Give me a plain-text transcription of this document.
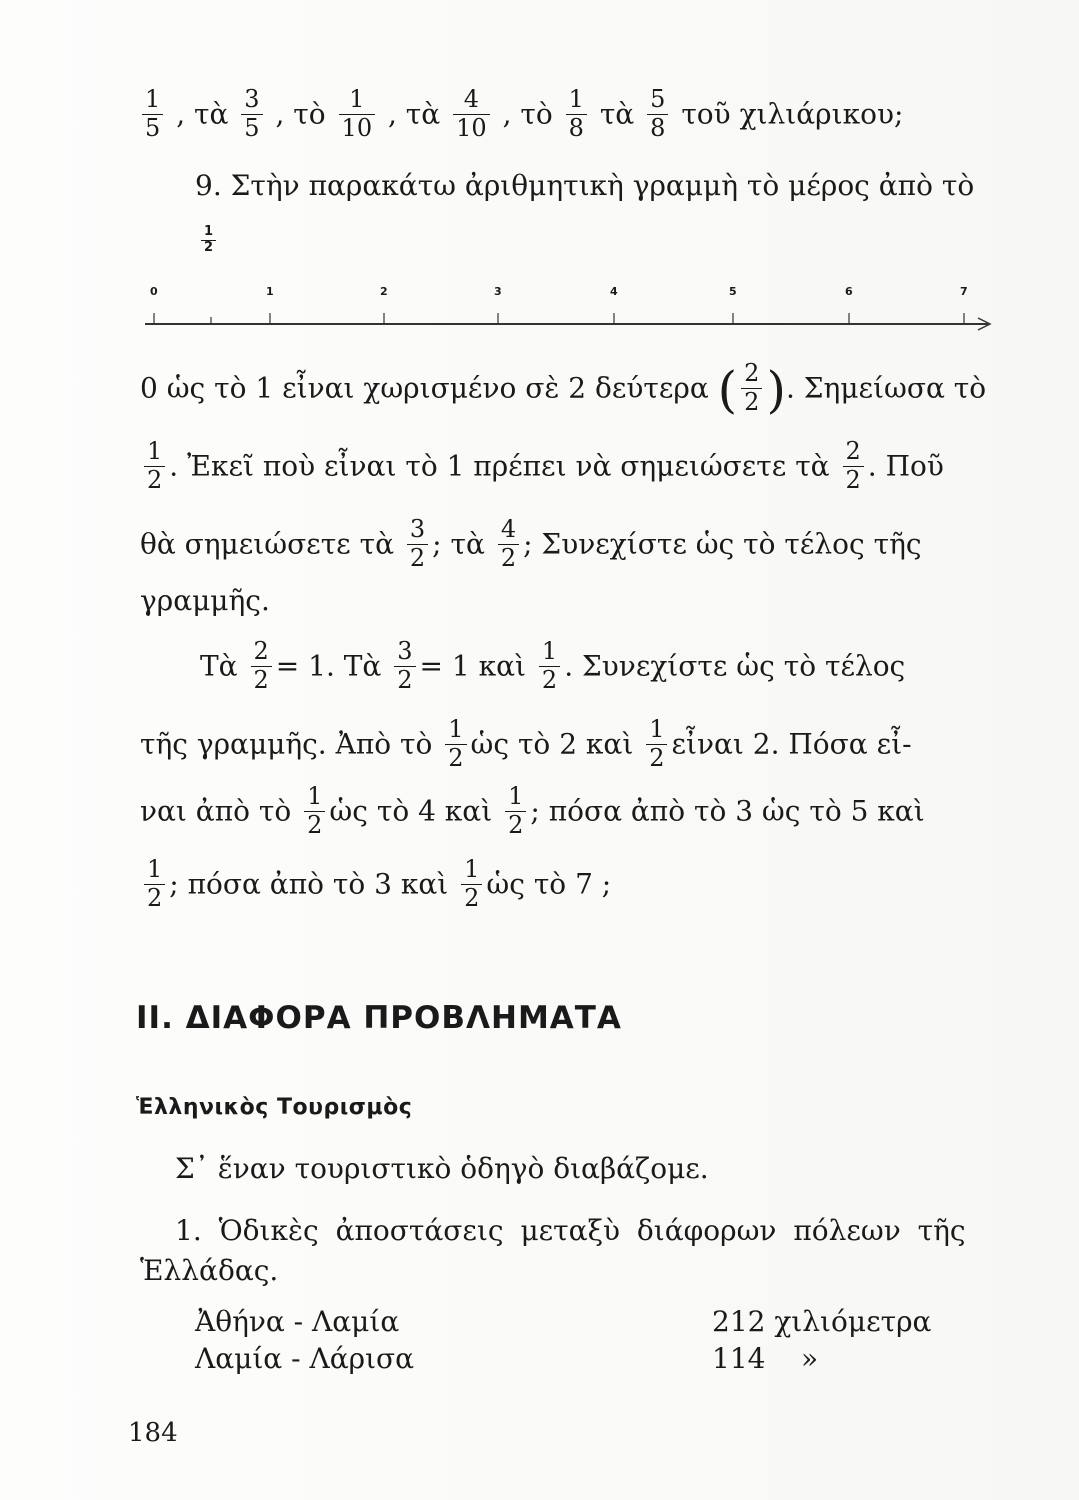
$\frac{1}{5}$ , τὰ $\frac{3}{5}$ , τὸ $\frac{1}{10}$ , τὰ $\frac{4}{10}$ , τὸ $\frac{1}{8}$ τὰ $\frac{5}{8}$ τοῦ χιλιάρικου;
9. Στὴν παρακάτω ἀριθμητικὴ γραμμὴ τὸ μέρος ἀπὸ τὸ
$\frac{1}{2}$
0	1	2	3	4	5	6	7
0 ὡς τὸ 1 εἶναι χωρισμένο σὲ 2 δεύτερα ( $\frac{2}{2}$ ). Σημείωσα τὸ
$\frac{1}{2}$ . Ἐκεῖ ποὺ εἶναι τὸ 1 πρέπει νὰ σημειώσετε τὰ $\frac{2}{2}$ . Ποῦ
θὰ σημειώσετε τὰ $\frac{3}{2}$ ; τὰ $\frac{4}{2}$ ; Συνεχίστε ὡς τὸ τέλος τῆς
γραμμῆς.
Τὰ $\frac{2}{2} = 1$. Τὰ $\frac{3}{2} = 1$ καὶ $\frac{1}{2}$ . Συνεχίστε ὡς τὸ τέλος
τῆς γραμμῆς. Ἀπὸ τὸ $\frac{1}{2}$ ὡς τὸ 2 καὶ $\frac{1}{2}$ εἶναι 2. Πόσα εἶ-
ναι ἀπὸ τὸ $\frac{1}{2}$ ὡς τὸ 4 καὶ $\frac{1}{2}$ ; πόσα ἀπὸ τὸ 3 ὡς τὸ 5 καὶ
$\frac{1}{2}$ ; πόσα ἀπὸ τὸ 3 καὶ $\frac{1}{2}$ ὡς τὸ 7 ;
II. ΔΙΑΦΟΡΑ ΠΡΟΒΛΗΜΑΤΑ
Ἑλληνικὸς Τουρισμὸς
Σ᾽ ἕναν τουριστικὸ ὁδηγὸ διαβάζομε.
1. Ὁδικὲς ἀποστάσεις μεταξὺ διάφορων πόλεων τῆς
Ἑλλάδας.
Ἀθήνα - Λαμία	212 χιλιόμετρα
Λαμία - Λάρισα	114    »
184
